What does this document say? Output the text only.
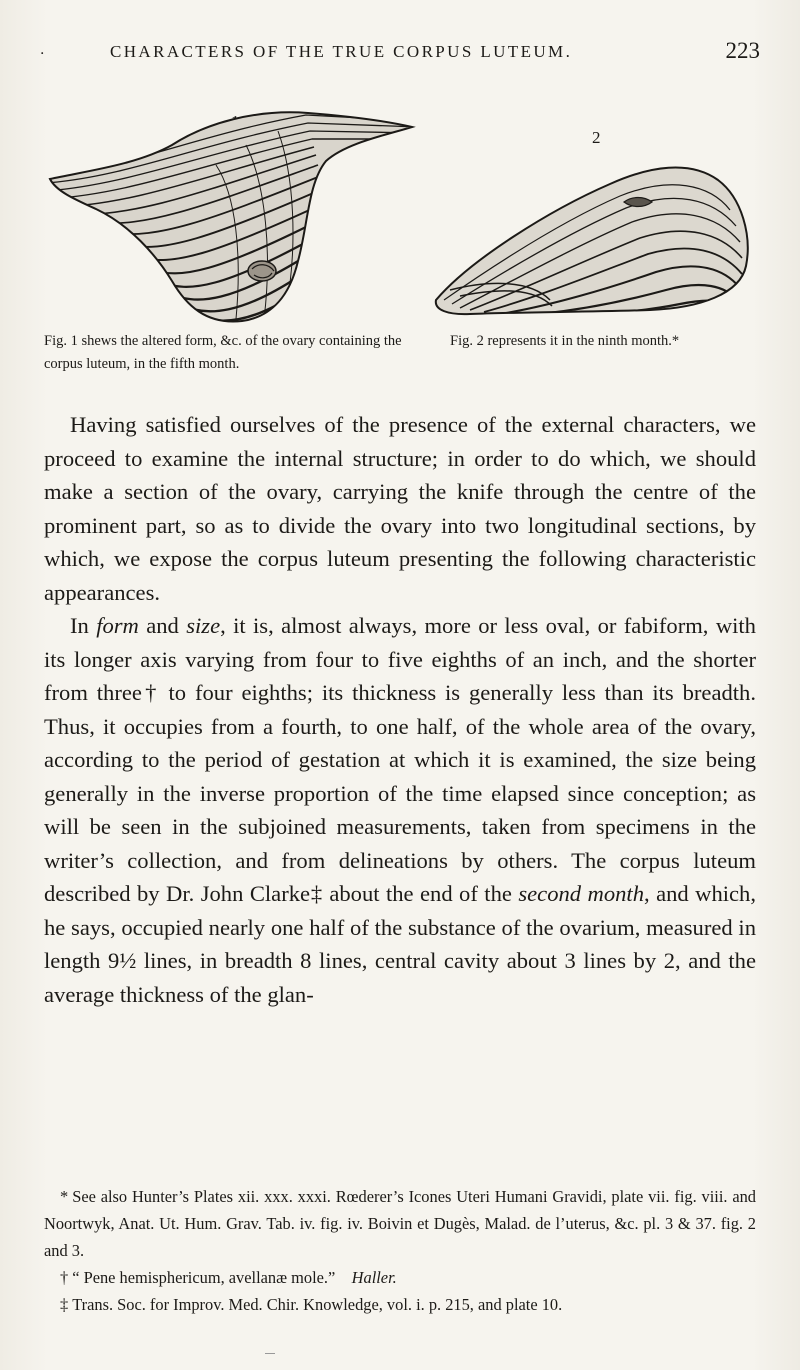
·	CHARACTERS OF THE TRUE CORPUS LUTEUM.	223
Fig. 1 shews the altered form, &c. of the ovary containing the corpus luteum, in the fifth month.
2
Fig. 2 represents it in the ninth month.*

Having satisfied ourselves of the presence of the external characters, we proceed to examine the internal structure; in order to do which, we should make a section of the ovary, carrying the knife through the centre of the prominent part, so as to divide the ovary into two longitudinal sections, by which, we expose the corpus luteum presenting the following characteristic appearances.

In form and size, it is, almost always, more or less oval, or fabiform, with its longer axis varying from four to five eighths of an inch, and the shorter from three† to four eighths; its thickness is generally less than its breadth. Thus, it occupies from a fourth, to one half, of the whole area of the ovary, according to the period of gestation at which it is examined, the size being generally in the inverse proportion of the time elapsed since conception; as will be seen in the subjoined measurements, taken from specimens in the writer’s collection, and from delineations by others. The corpus luteum described by Dr. John Clarke‡ about the end of the second month, and which, he says, occupied nearly one half of the substance of the ovarium, measured in length 9½ lines, in breadth 8 lines, central cavity about 3 lines by 2, and the average thickness of the glan-

* See also Hunter’s Plates xii. xxx. xxxi. Rœderer’s Icones Uteri Humani Gravidi, plate vii. fig. viii. and Noortwyk, Anat. Ut. Hum. Grav. Tab. iv. fig. iv. Boivin et Dugès, Malad. de l’uterus, &c. pl. 3 & 37. fig. 2 and 3.

† “ Pene hemisphericum, avellanæ mole.” Haller.

‡ Trans. Soc. for Improv. Med. Chir. Knowledge, vol. i. p. 215, and plate 10.
